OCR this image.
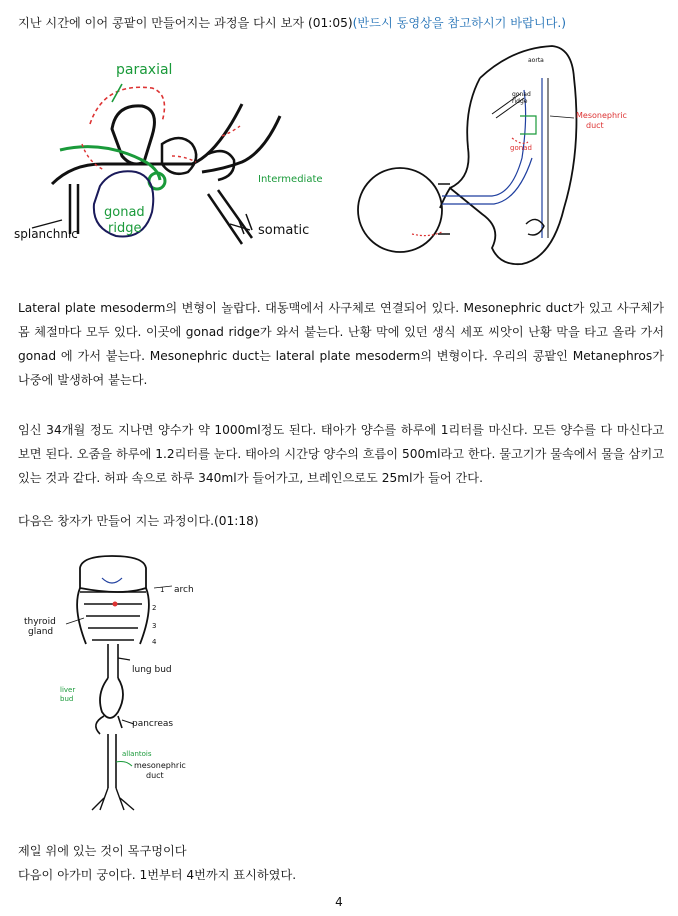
지난 시간에 이어 콩팥이 만들어지는 과정을 다시 보자 (01:05)(반드시 동영상을 참고하시기 바랍니다.)
paraxial
Intermediate
gonad
ridge
splanchnic	somatic
Mesonephric
duct
gonad
gonad
ridge
aorta
Lateral plate mesoderm의 변형이 놀랍다. 대동맥에서 사구체로 연결되어 있다. Mesonephric duct가 있고 사구체가 몸 체절마다 모두 있다. 이곳에 gonad ridge가 와서 붙는다. 난황 막에 있던 생식 세포 씨앗이 난황 막을 타고 올라 가서 gonad 에 가서 붙는다. Mesonephric duct는 lateral plate mesoderm의 변형이다. 우리의 콩팥인 Metanephros가 나중에 발생하여 붙는다.
임신 34개월 정도 지나면 양수가 약 1000ml정도 된다. 태아가 양수를 하루에 1리터를 마신다. 모든 양수를 다 마신다고 보면 된다. 오줌을 하루에 1.2리터를 눈다. 태아의 시간당 양수의 흐름이 500ml라고 한다. 물고기가 물속에서 물을 삼키고 있는 것과 같다. 허파 속으로 하루 340ml가 들어가고, 브레인으로도 25ml가 들어 간다.
다음은 창자가 만들어 지는 과정이다.(01:18)
arch
1
2
3
4
thyroid
gland
lung bud
liver
bud
pancreas
allantois
mesonephric
duct
제일 위에 있는 것이 목구멍이다
다음이 아가미 궁이다. 1번부터 4번까지 표시하였다.
4
